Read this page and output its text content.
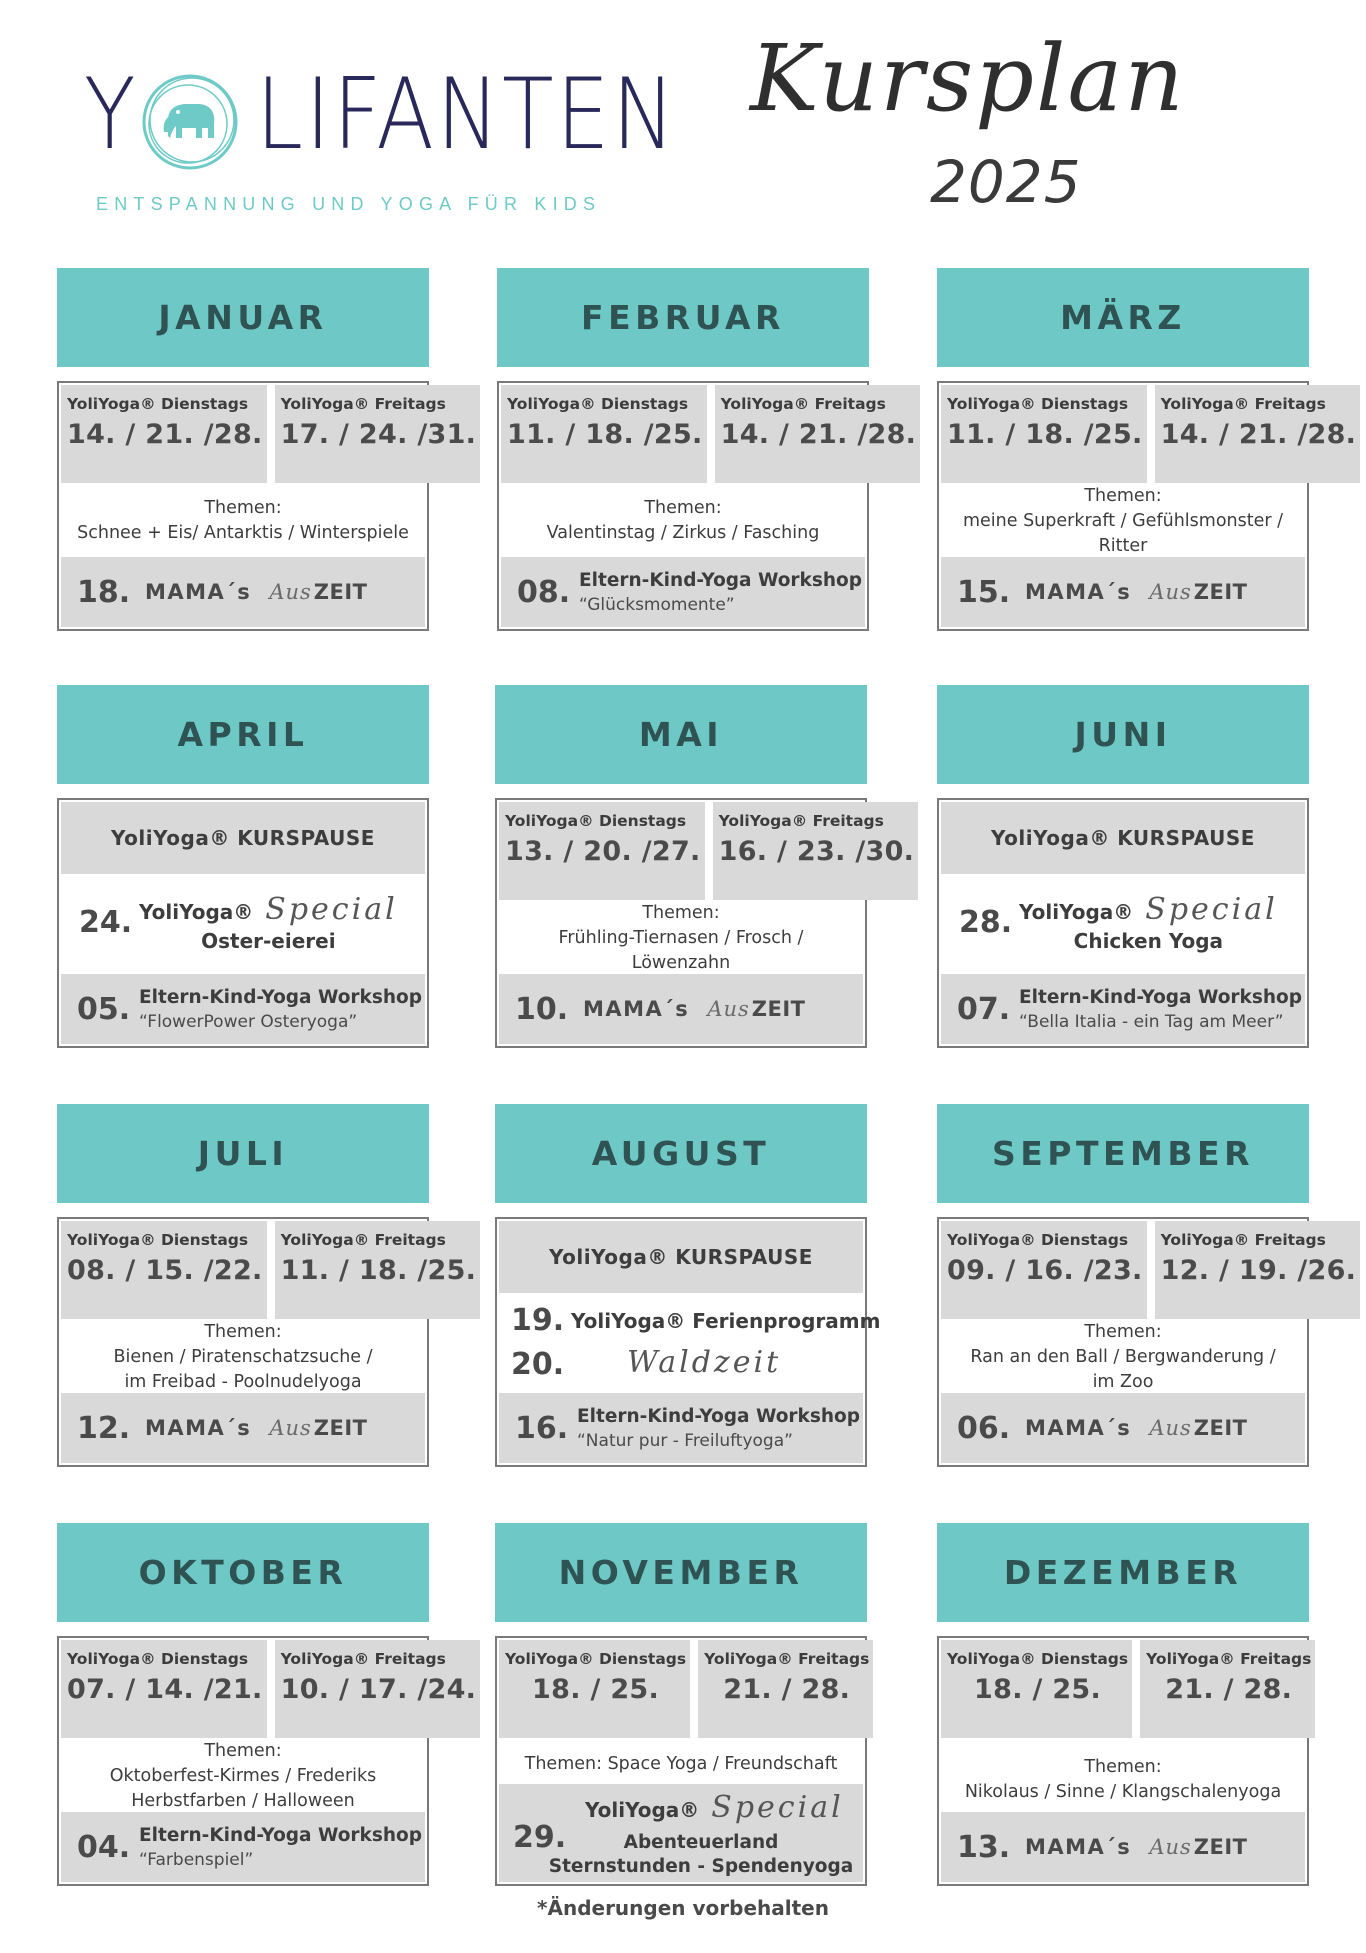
Y LIFANTEN
ENTSPANNUNG UND YOGA FÜR KIDS
Kursplan
2025
JANUAR
YoliYoga® Dienstags
14. / 21. /28.
YoliYoga® Freitags
17. / 24. /31.
Themen:
Schnee + Eis/ Antarktis / Winterspiele
18. MAMA´s Aus ZEIT
FEBRUAR
YoliYoga® Dienstags
11. / 18. /25.
YoliYoga® Freitags
14. / 21. /28.
Themen:
Valentinstag / Zirkus / Fasching
08. Eltern-Kind-Yoga Workshop
“Glücksmomente”
MÄRZ
YoliYoga® Dienstags
11. / 18. /25.
YoliYoga® Freitags
14. / 21. /28.
Themen:
meine Superkraft / Gefühlsmonster /
Ritter
15. MAMA´s Aus ZEIT
APRIL
YoliYoga® KURSPAUSE
24. YoliYoga® Special
Oster-eierei
05. Eltern-Kind-Yoga Workshop
“FlowerPower Osteryoga”
MAI
YoliYoga® Dienstags
13. / 20. /27.
YoliYoga® Freitags
16. / 23. /30.
Themen:
Frühling-Tiernasen / Frosch /
Löwenzahn
10. MAMA´s Aus ZEIT
JUNI
YoliYoga® KURSPAUSE
28. YoliYoga® Special
Chicken Yoga
07. Eltern-Kind-Yoga Workshop
“Bella Italia - ein Tag am Meer”
JULI
YoliYoga® Dienstags
08. / 15. /22.
YoliYoga® Freitags
11. / 18. /25.
Themen:
Bienen / Piratenschatzsuche /
im Freibad - Poolnudelyoga
12. MAMA´s Aus ZEIT
AUGUST
YoliYoga® KURSPAUSE
19.
20.
YoliYoga® Ferienprogramm
Waldzeit
16. Eltern-Kind-Yoga Workshop
“Natur pur - Freiluftyoga”
SEPTEMBER
YoliYoga® Dienstags
09. / 16. /23.
YoliYoga® Freitags
12. / 19. /26.
Themen:
Ran an den Ball / Bergwanderung /
im Zoo
06. MAMA´s Aus ZEIT
OKTOBER
YoliYoga® Dienstags
07. / 14. /21.
YoliYoga® Freitags
10. / 17. /24.
Themen:
Oktoberfest-Kirmes / Frederiks
Herbstfarben / Halloween
04. Eltern-Kind-Yoga Workshop
“Farbenspiel”
NOVEMBER
YoliYoga® Dienstags
18. / 25.
YoliYoga® Freitags
21. / 28.
Themen: Space Yoga / Freundschaft
29.
YoliYoga® Special
Abenteuerland
Sternstunden - Spendenyoga
DEZEMBER
YoliYoga® Dienstags
18. / 25.
YoliYoga® Freitags
21. / 28.
Themen:
Nikolaus / Sinne / Klangschalenyoga
13. MAMA´s Aus ZEIT
*Änderungen vorbehalten
